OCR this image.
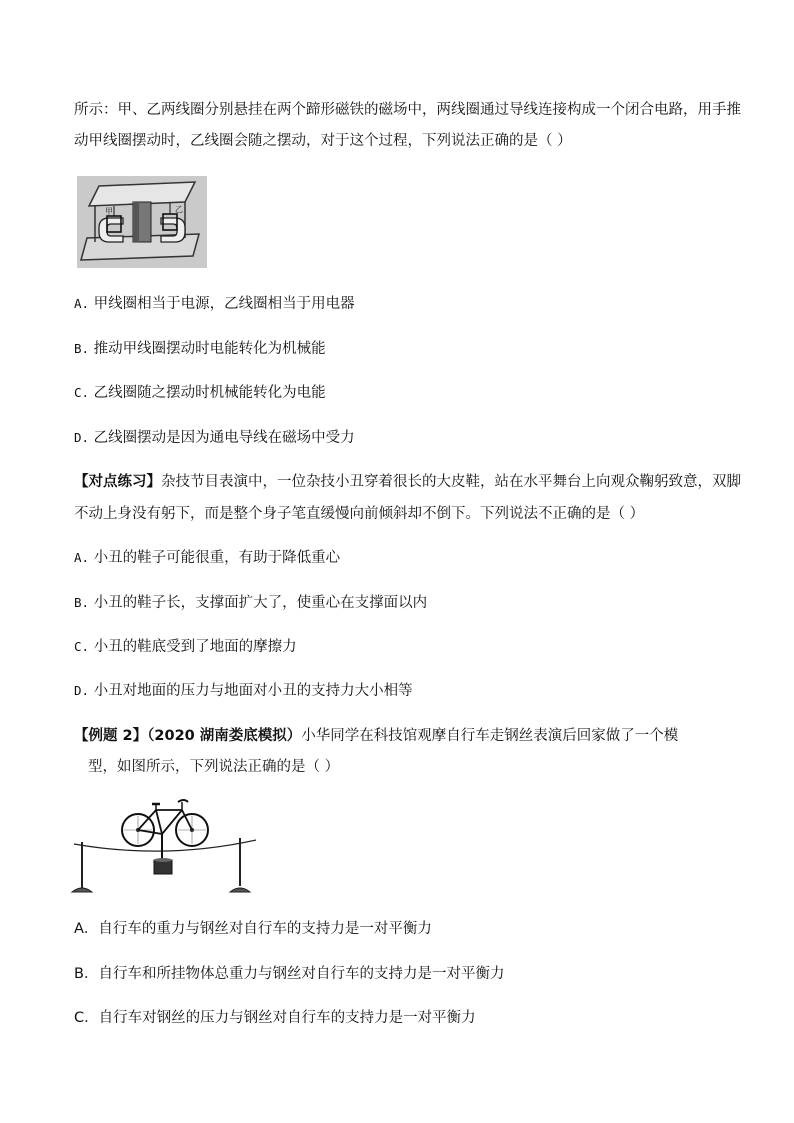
所示：甲、乙两线圈分别悬挂在两个蹄形磁铁的磁场中，两线圈通过导线连接构成一个闭合电路，用手推
动甲线圈摆动时，乙线圈会随之摆动，对于这个过程，下列说法正确的是（ ）
甲	乙
A. 甲线圈相当于电源，乙线圈相当于用电器
B. 推动甲线圈摆动时电能转化为机械能
C. 乙线圈随之摆动时机械能转化为电能
D. 乙线圈摆动是因为通电导线在磁场中受力
【对点练习】杂技节目表演中，一位杂技小丑穿着很长的大皮鞋，站在水平舞台上向观众鞠躬致意，双脚
不动上身没有躬下，而是整个身子笔直缓慢向前倾斜却不倒下。下列说法不正确的是（ ）
A. 小丑的鞋子可能很重，有助于降低重心
B. 小丑的鞋子长，支撑面扩大了，使重心在支撑面以内
C. 小丑的鞋底受到了地面的摩擦力
D. 小丑对地面的压力与地面对小丑的支持力大小相等
【例题 2】（2020 湖南娄底模拟）小华同学在科技馆观摩自行车走钢丝表演后回家做了一个模
型，如图所示，下列说法正确的是（ ）
A．自行车的重力与钢丝对自行车的支持力是一对平衡力
B．自行车和所挂物体总重力与钢丝对自行车的支持力是一对平衡力
C．自行车对钢丝的压力与钢丝对自行车的支持力是一对平衡力
